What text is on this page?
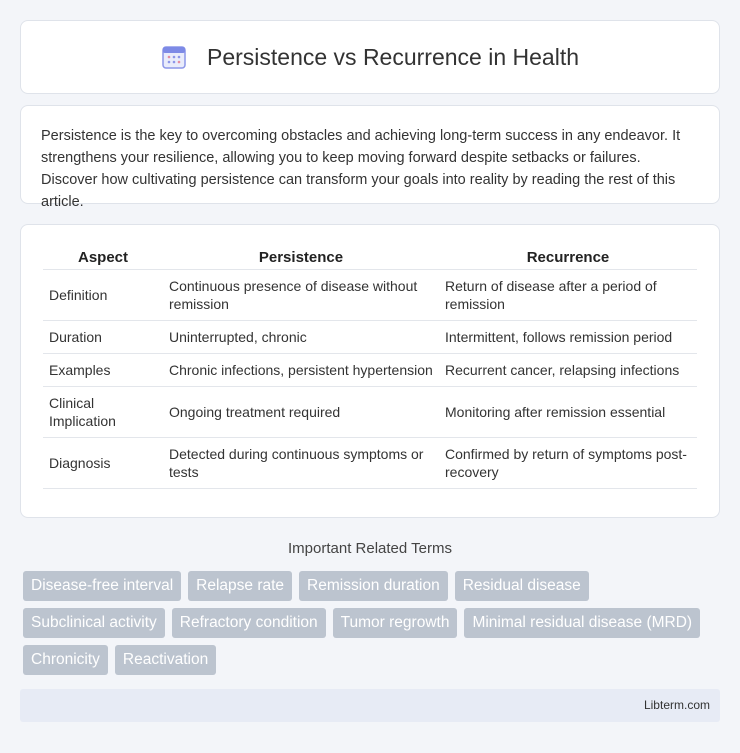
Persistence vs Recurrence in Health

Persistence is the key to overcoming obstacles and achieving long-term success in any endeavor. It strengthens your resilience, allowing you to keep moving forward despite setbacks or failures. Discover how cultivating persistence can transform your goals into reality by reading the rest of this article.

Aspect	Persistence	Recurrence
Definition	Continuous presence of disease without remission	Return of disease after a period of remission
Duration	Uninterrupted, chronic	Intermittent, follows remission period
Examples	Chronic infections, persistent hypertension	Recurrent cancer, relapsing infections
Clinical Implication	Ongoing treatment required	Monitoring after remission essential
Diagnosis	Detected during continuous symptoms or tests	Confirmed by return of symptoms post-recovery
Important Related Terms
Disease-free interval	Relapse rate	Remission duration	Residual disease
Subclinical activity	Refractory condition	Tumor regrowth	Minimal residual disease (MRD)
Chronicity	Reactivation
Libterm.com
